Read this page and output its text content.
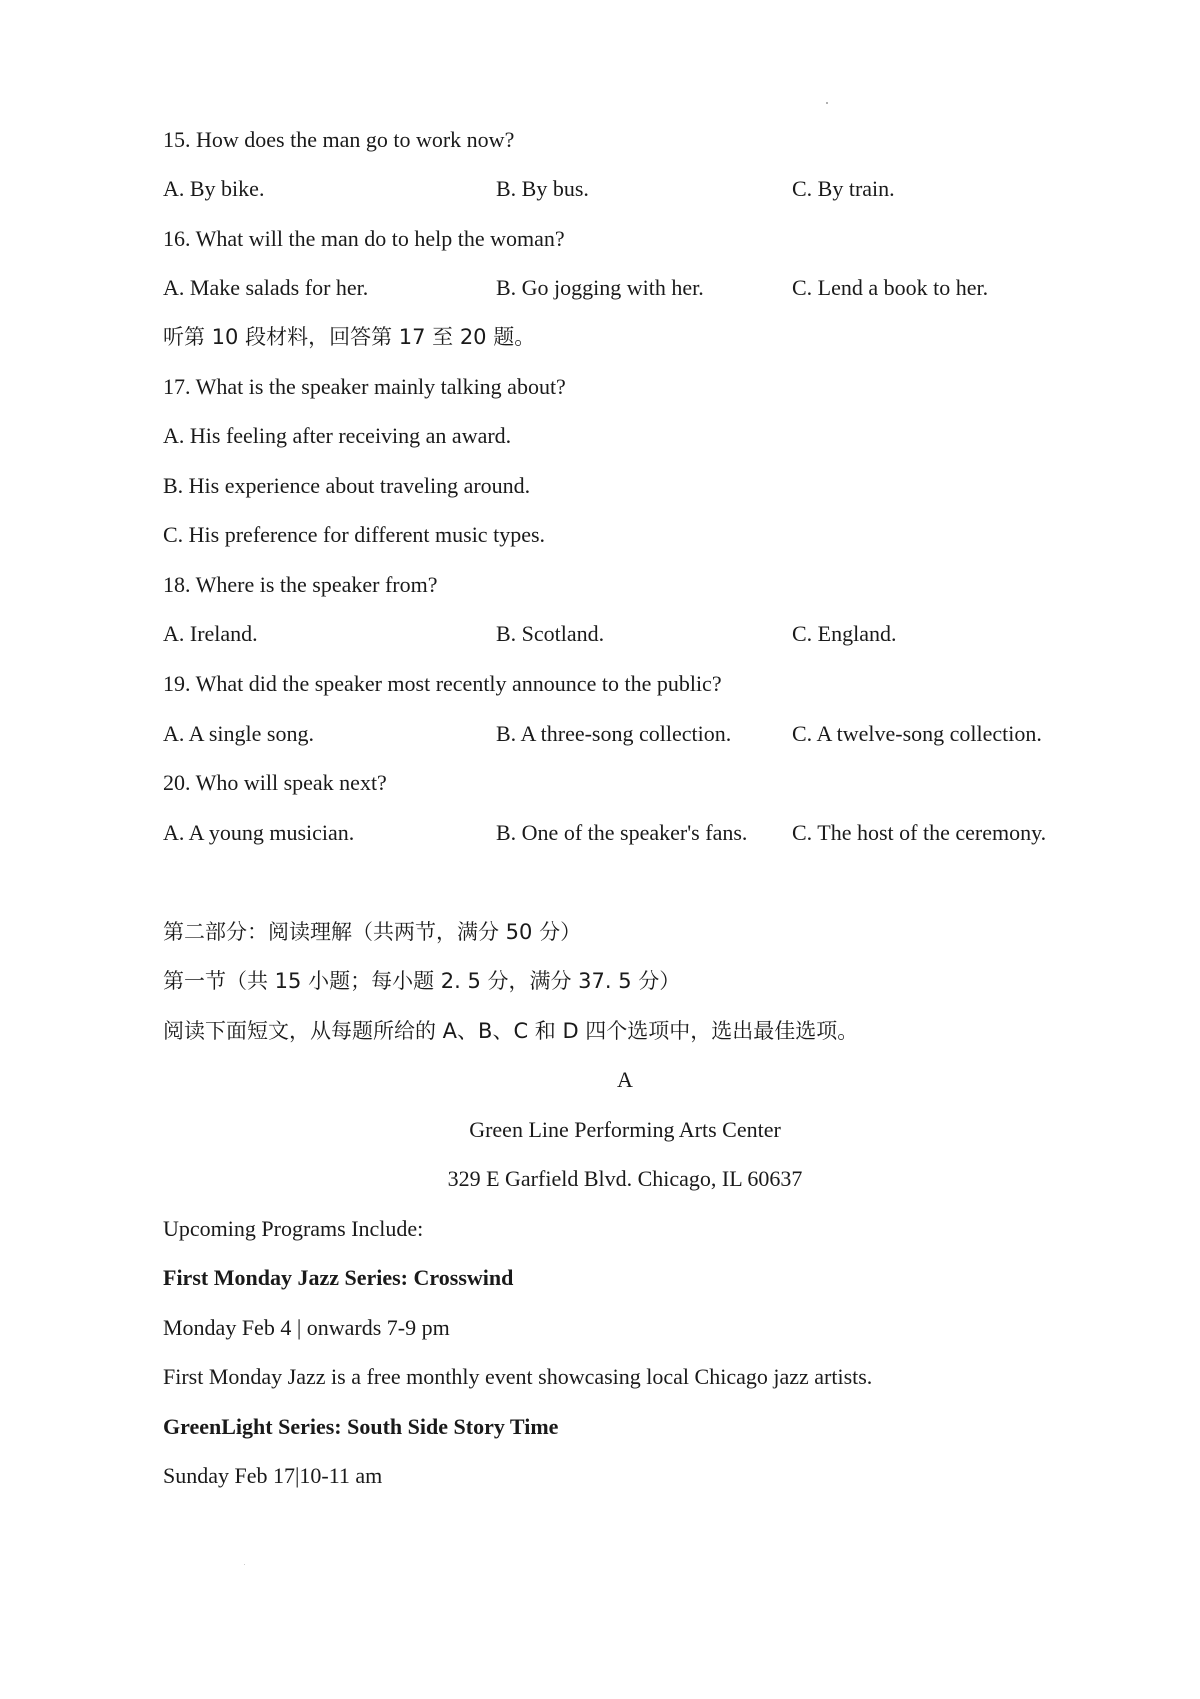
15. How does the man go to work now?
A. By bike.	B. By bus.	C. By train.
16. What will the man do to help the woman?
A. Make salads for her.	B. Go jogging with her.	C. Lend a book to her.
听第 10 段材料，回答第 17 至 20 题。
17. What is the speaker mainly talking about?
A. His feeling after receiving an award.
B. His experience about traveling around.
C. His preference for different music types.
18. Where is the speaker from?
A. Ireland.	B. Scotland.	C. England.
19. What did the speaker most recently announce to the public?
A. A single song.	B. A three-song collection.	C. A twelve-song collection.
20. Who will speak next?
A. A young musician.	B. One of the speaker's fans. C. The host of the ceremony.
第二部分：阅读理解（共两节，满分 50 分）
第一节（共 15 小题；每小题 2. 5 分，满分 37. 5 分）
阅读下面短文，从每题所给的 A、B、C 和 D 四个选项中，选出最佳选项。
A
Green Line Performing Arts Center
329 E Garfield Blvd. Chicago, IL 60637
Upcoming Programs Include:
First Monday Jazz Series: Crosswind
Monday Feb 4 | onwards 7-9 pm
First Monday Jazz is a free monthly event showcasing local Chicago jazz artists.
GreenLight Series: South Side Story Time
Sunday Feb 17|10-11 am
